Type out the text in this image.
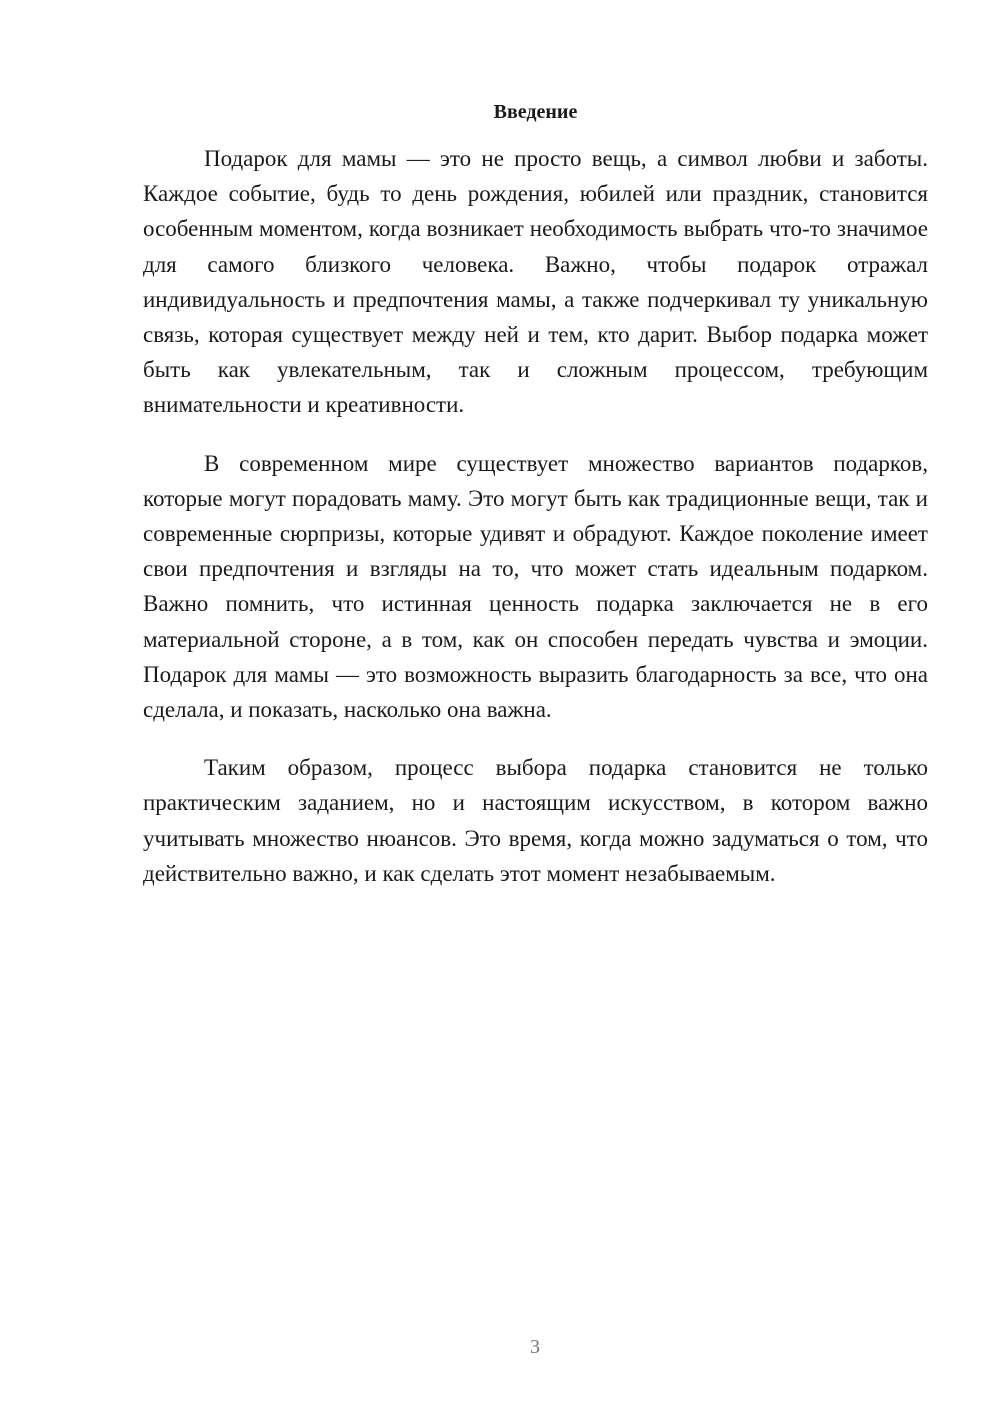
Введение

Подарок для мамы — это не просто вещь, а символ любви и заботы. Каждое событие, будь то день рождения, юбилей или праздник, становится особенным моментом, когда возникает необходимость выбрать что-то значимое для самого близкого человека. Важно, чтобы подарок отражал индивидуальность и предпочтения мамы, а также подчеркивал ту уникальную связь, которая существует между ней и тем, кто дарит. Выбор подарка может быть как увлекательным, так и сложным процессом, требующим внимательности и креативности.

В современном мире существует множество вариантов подарков, которые могут порадовать маму. Это могут быть как традиционные вещи, так и современные сюрпризы, которые удивят и обрадуют. Каждое поколение имеет свои предпочтения и взгляды на то, что может стать идеальным подарком. Важно помнить, что истинная ценность подарка заключается не в его материальной стороне, а в том, как он способен передать чувства и эмоции. Подарок для мамы — это возможность выразить благодарность за все, что она сделала, и показать, насколько она важна.

Таким образом, процесс выбора подарка становится не только практическим заданием, но и настоящим искусством, в котором важно учитывать множество нюансов. Это время, когда можно задуматься о том, что действительно важно, и как сделать этот момент незабываемым.

3
